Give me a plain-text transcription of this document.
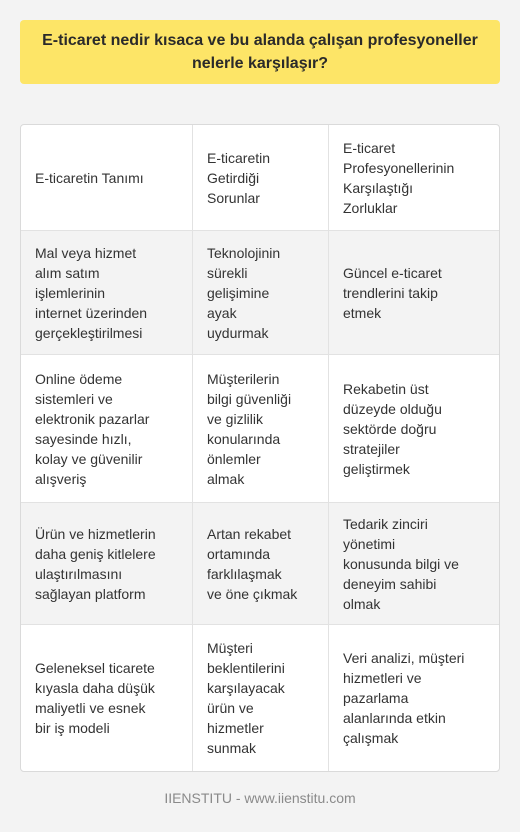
E-ticaret nedir kısaca ve bu alanda çalışan profesyoneller
nelerle karşılaşır?

E-ticaretin Tanımı
E-ticaretin
Getirdiği
Sorunlar
E-ticaret
Profesyonellerinin
Karşılaştığı
Zorluklar
Mal veya hizmet
alım satım
işlemlerinin
internet üzerinden
gerçekleştirilmesi
Teknolojinin
sürekli
gelişimine
ayak
uydurmak
Güncel e-ticaret
trendlerini takip
etmek
Online ödeme
sistemleri ve
elektronik pazarlar
sayesinde hızlı,
kolay ve güvenilir
alışveriş
Müşterilerin
bilgi güvenliği
ve gizlilik
konularında
önlemler
almak
Rekabetin üst
düzeyde olduğu
sektörde doğru
stratejiler
geliştirmek
Ürün ve hizmetlerin
daha geniş kitlelere
ulaştırılmasını
sağlayan platform
Artan rekabet
ortamında
farklılaşmak
ve öne çıkmak
Tedarik zinciri
yönetimi
konusunda bilgi ve
deneyim sahibi
olmak
Geleneksel ticarete
kıyasla daha düşük
maliyetli ve esnek
bir iş modeli
Müşteri
beklentilerini
karşılayacak
ürün ve
hizmetler
sunmak
Veri analizi, müşteri
hizmetleri ve
pazarlama
alanlarında etkin
çalışmak

IIENSTITU - www.iienstitu.com
